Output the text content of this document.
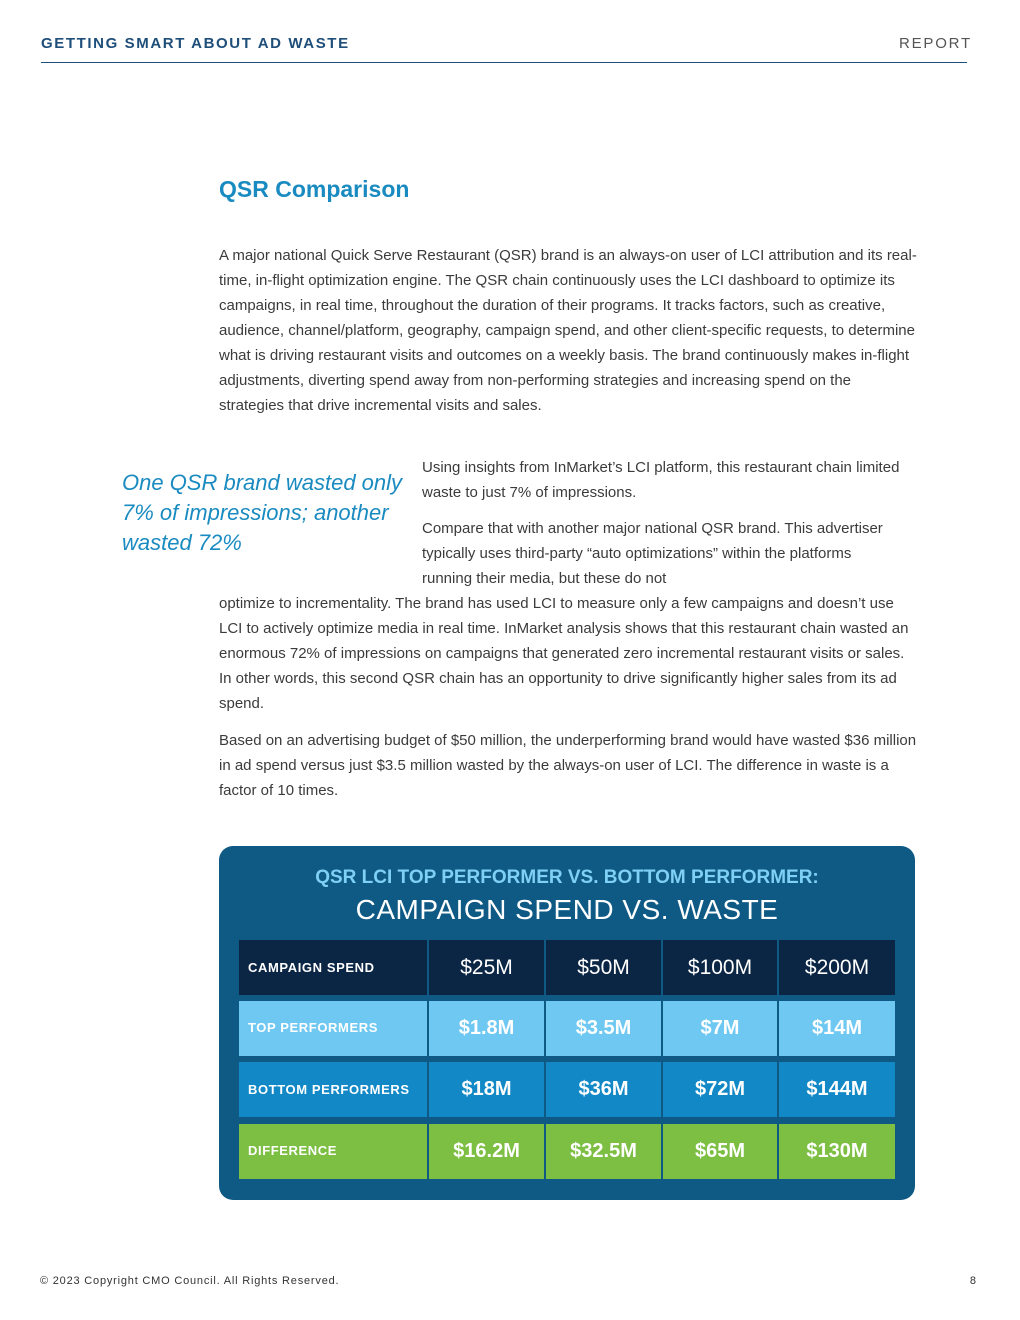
GETTING SMART ABOUT AD WASTE	REPORT
QSR Comparison

A major national Quick Serve Restaurant (QSR) brand is an always-on user of LCI attribution and its real-time, in-flight optimization engine. The QSR chain continuously uses the LCI dashboard to optimize its campaigns, in real time, throughout the duration of their programs. It tracks factors, such as creative, audience, channel/platform, geography, campaign spend, and other client-specific requests, to determine what is driving restaurant visits and outcomes on a weekly basis. The brand continuously makes in-flight adjustments, diverting spend away from non-performing strategies and increasing spend on the strategies that drive incremental visits and sales.

One QSR brand wasted only 7% of impressions; another wasted 72%

Using insights from InMarket’s LCI platform, this restaurant chain limited waste to just 7% of impressions.

Compare that with another major national QSR brand. This advertiser typically uses third-party “auto optimizations” within the platforms running their media, but these do not

optimize to incrementality. The brand has used LCI to measure only a few campaigns and doesn’t use LCI to actively optimize media in real time. InMarket analysis shows that this restaurant chain wasted an enormous 72% of impressions on campaigns that generated zero incremental restaurant visits or sales. In other words, this second QSR chain has an opportunity to drive significantly higher sales from its ad spend.

Based on an advertising budget of $50 million, the underperforming brand would have wasted $36 million in ad spend versus just $3.5 million wasted by the always-on user of LCI. The difference in waste is a factor of 10 times.

QSR LCI TOP PERFORMER VS. BOTTOM PERFORMER:
CAMPAIGN SPEND VS. WASTE
CAMPAIGN SPEND	$25M	$50M	$100M	$200M
TOP PERFORMERS	$1.8M	$3.5M	$7M	$14M
BOTTOM PERFORMERS	$18M	$36M	$72M	$144M
DIFFERENCE	$16.2M	$32.5M	$65M	$130M
© 2023 Copyright CMO Council. All Rights Reserved.	8
